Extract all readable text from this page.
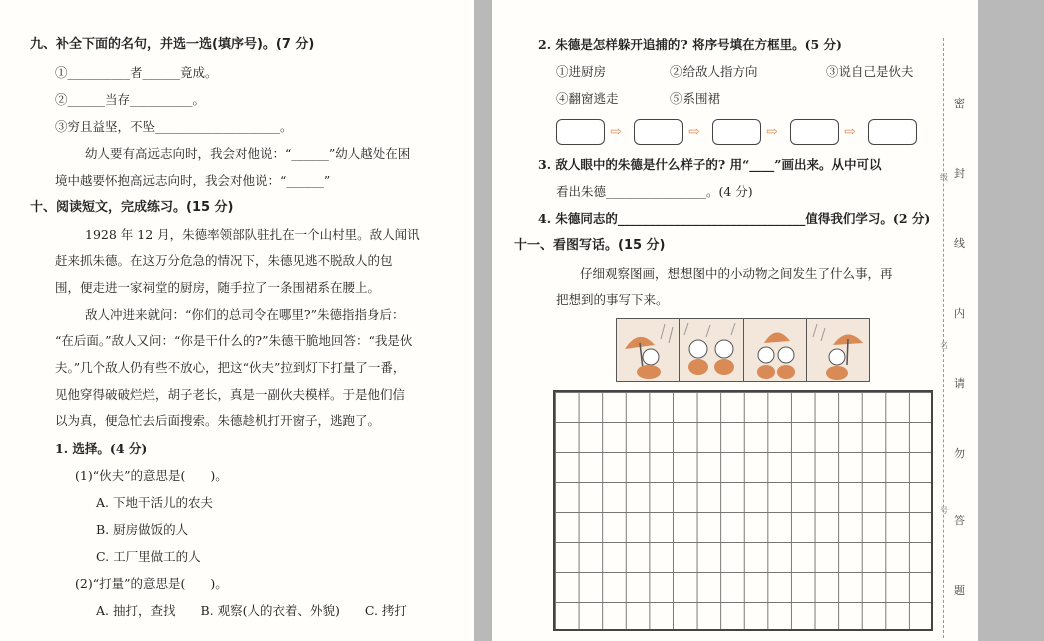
九、补全下面的名句，并选一选(填序号)。(7 分)
①__________者______竟成。
②______当存__________。
③穷且益坚，不坠____________________。
幼人要有高远志向时，我会对他说：“______”幼人越处在困
境中越要怀抱高远志向时，我会对他说：“______”
十、阅读短文，完成练习。(15 分)
1928 年 12 月，朱德率领部队驻扎在一个山村里。敌人闻讯
赶来抓朱德。在这万分危急的情况下，朱德见逃不脱敌人的包
围，便走进一家祠堂的厨房，随手拉了一条围裙系在腰上。
敌人冲进来就问：“你们的总司令在哪里?”朱德指指身后：
“在后面。”敌人又问：“你是干什么的?”朱德干脆地回答：“我是伙
夫。”几个敌人仍有些不放心，把这“伙夫”拉到灯下打量了一番，
见他穿得破破烂烂，胡子老长，真是一副伙夫模样。于是他们信
以为真，便急忙去后面搜索。朱德趁机打开窗子，逃跑了。
1. 选择。(4 分)
(1)“伙夫”的意思是(　　)。
A. 下地干活儿的农夫
B. 厨房做饭的人
C. 工厂里做工的人
(2)“打量”的意思是(　　)。
A. 抽打，查找　　B. 观察(人的衣着、外貌)　　C. 拷打
2. 朱德是怎样躲开追捕的? 将序号填在方框里。(5 分)
①进厨房	②给敌人指方向	③说自己是伙夫
④翻窗逃走	⑤系围裙
⇨	⇨	⇨	⇨
3. 敌人眼中的朱德是什么样子的? 用“____”画出来。从中可以
看出朱德________________。(4 分)
4. 朱德同志的______________________________值得我们学习。(2 分)
十一、看图写话。(15 分)
仔细观察图画，想想图中的小动物之间发生了什么事，再
把想到的事写下来。
密
封
线
内
请
勿
答
题
级
名
号
